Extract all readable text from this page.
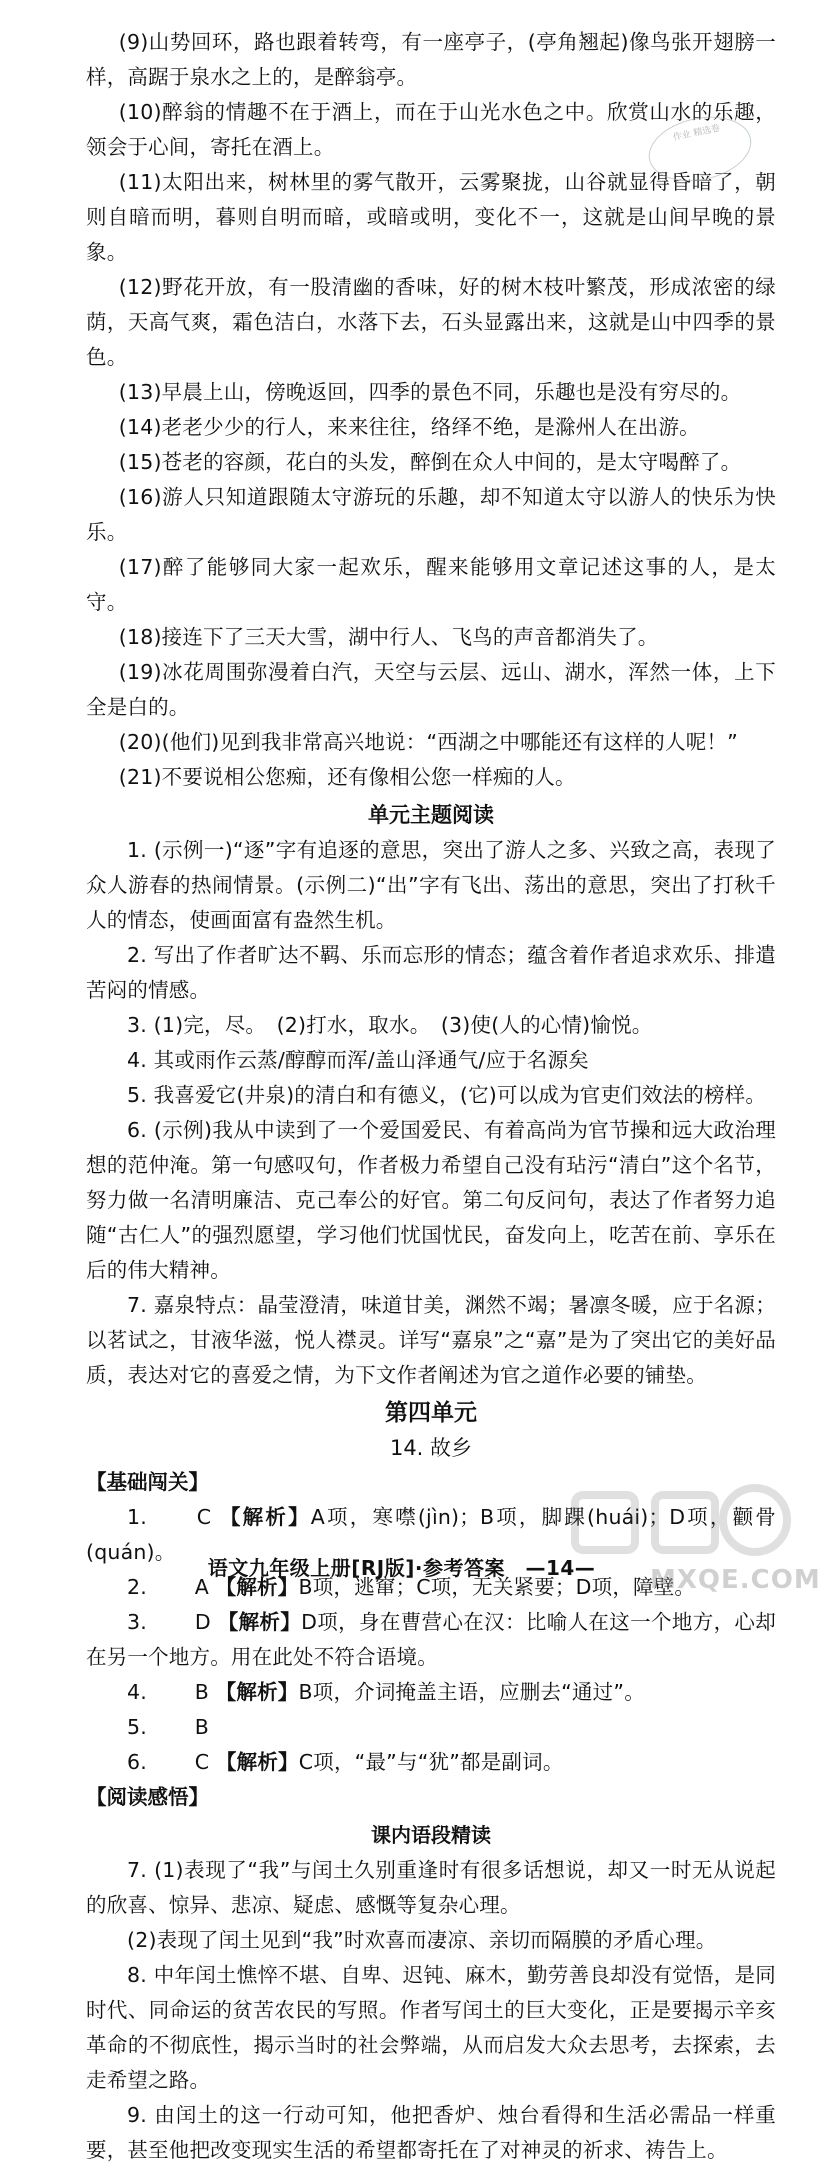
(9)山势回环，路也跟着转弯，有一座亭子，(亭角翘起)像鸟张开翅膀一样，高踞于泉水之上的，是醉翁亭。

(10)醉翁的情趣不在于酒上，而在于山光水色之中。欣赏山水的乐趣，领会于心间，寄托在酒上。

(11)太阳出来，树林里的雾气散开，云雾聚拢，山谷就显得昏暗了，朝则自暗而明，暮则自明而暗，或暗或明，变化不一，这就是山间早晚的景象。

(12)野花开放，有一股清幽的香味，好的树木枝叶繁茂，形成浓密的绿荫，天高气爽，霜色洁白，水落下去，石头显露出来，这就是山中四季的景色。

(13)早晨上山，傍晚返回，四季的景色不同，乐趣也是没有穷尽的。

(14)老老少少的行人，来来往往，络绎不绝，是滁州人在出游。

(15)苍老的容颜，花白的头发，醉倒在众人中间的，是太守喝醉了。

(16)游人只知道跟随太守游玩的乐趣，却不知道太守以游人的快乐为快乐。

(17)醉了能够同大家一起欢乐，醒来能够用文章记述这事的人，是太守。

(18)接连下了三天大雪，湖中行人、飞鸟的声音都消失了。

(19)冰花周围弥漫着白汽，天空与云层、远山、湖水，浑然一体，上下全是白的。

(20)(他们)见到我非常高兴地说：“西湖之中哪能还有这样的人呢！”

(21)不要说相公您痴，还有像相公您一样痴的人。

单元主题阅读

1. (示例一)“逐”字有追逐的意思，突出了游人之多、兴致之高，表现了众人游春的热闹情景。(示例二)“出”字有飞出、荡出的意思，突出了打秋千人的情态，使画面富有盎然生机。

2. 写出了作者旷达不羁、乐而忘形的情态；蕴含着作者追求欢乐、排遣苦闷的情感。

3. (1)完，尽。　(2)打水，取水。　(3)使(人的心情)愉悦。

4. 其或雨作云蒸/醇醇而浑/盖山泽通气/应于名源矣

5. 我喜爱它(井泉)的清白和有德义，(它)可以成为官吏们效法的榜样。

6. (示例)我从中读到了一个爱国爱民、有着高尚为官节操和远大政治理想的范仲淹。第一句感叹句，作者极力希望自己没有玷污“清白”这个名节，努力做一名清明廉洁、克己奉公的好官。第二句反问句，表达了作者努力追随“古仁人”的强烈愿望，学习他们忧国忧民，奋发向上，吃苦在前、享乐在后的伟大精神。

7. 嘉泉特点：晶莹澄清，味道甘美，渊然不竭；暑凛冬暖，应于名源；以茗试之，甘液华滋，悦人襟灵。详写“嘉泉”之“嘉”是为了突出它的美好品质，表达对它的喜爱之情，为下文作者阐述为官之道作必要的铺垫。

第四单元

14. 故乡

【基础闯关】

1. C 【解析】A项，寒噤(jìn)；B项，脚踝(huái)；D项，颧骨(quán)。

2. A 【解析】B项，逃窜；C项，无关紧要；D项，障壁。

3. D 【解析】D项，身在曹营心在汉：比喻人在这一个地方，心却在另一个地方。用在此处不符合语境。

4. B 【解析】B项，介词掩盖主语，应删去“通过”。

5. B

6. C 【解析】C项，“最”与“犹”都是副词。

【阅读感悟】

课内语段精读

7. (1)表现了“我”与闰土久别重逢时有很多话想说，却又一时无从说起的欣喜、惊异、悲凉、疑虑、感慨等复杂心理。

(2)表现了闰土见到“我”时欢喜而凄凉、亲切而隔膜的矛盾心理。

8. 中年闰土憔悴不堪、自卑、迟钝、麻木，勤劳善良却没有觉悟，是同时代、同命运的贫苦农民的写照。作者写闰土的巨大变化，正是要揭示辛亥革命的不彻底性，揭示当时的社会弊端，从而启发大众去思考，去探索，去走希望之路。

9. 由闰土的这一行动可知，他把香炉、烛台看得和生活必需品一样重要，甚至他把改变现实生活的希望都寄托在了对神灵的祈求、祷告上。

作业 精选卷
MXQE.COM
语文九年级上册[RJ版]·参考答案　—14—
